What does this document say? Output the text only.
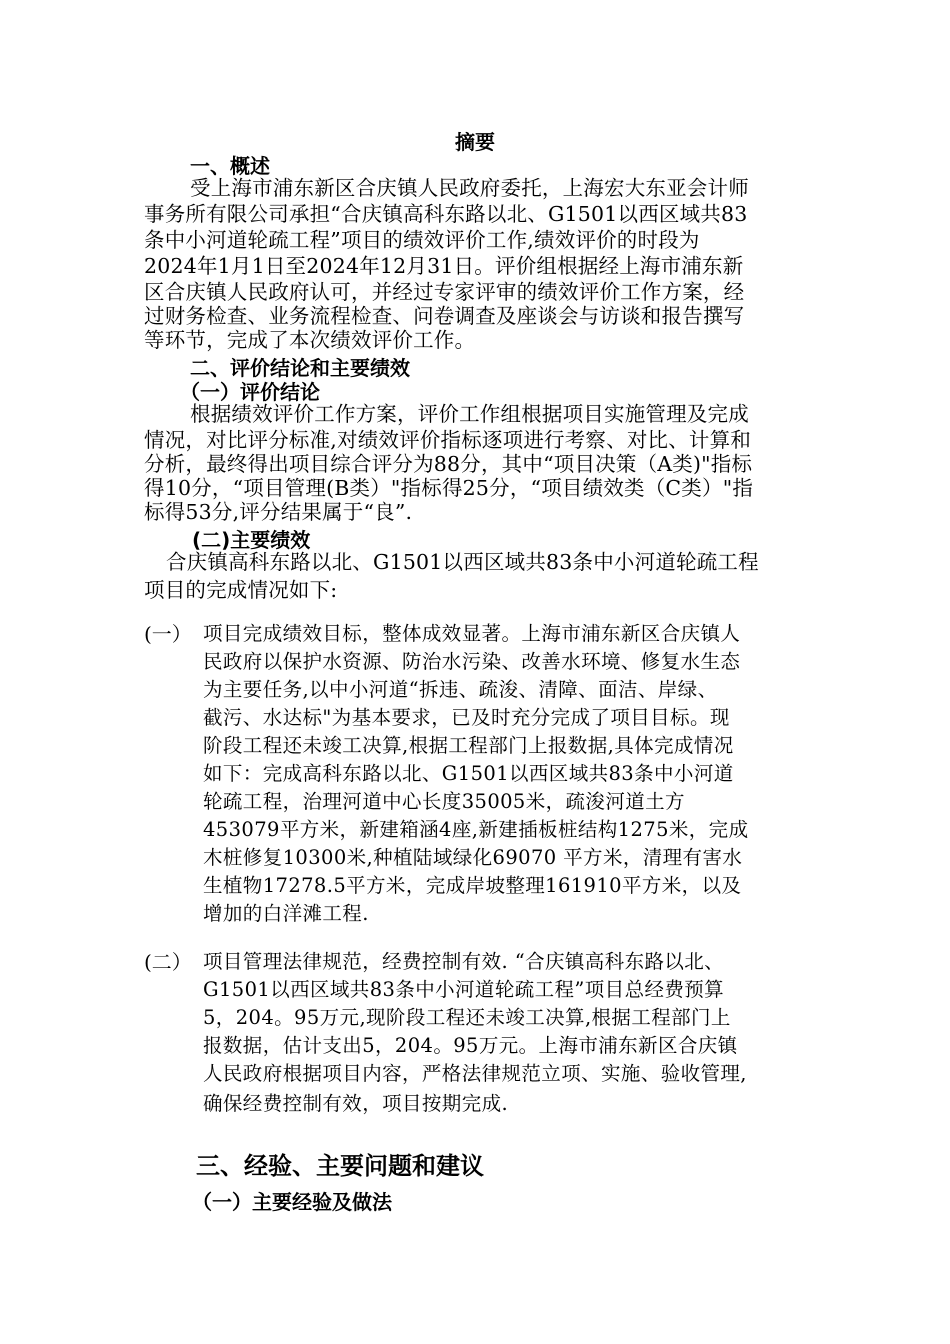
摘要
一、概述
受上海市浦东新区合庆镇人民政府委托，上海宏大东亚会计师
事务所有限公司承担“合庆镇高科东路以北、G1501以西区域共83
条中小河道轮疏工程”项目的绩效评价工作,绩效评价的时段为
2024年1月1日至2024年12月31日。评价组根据经上海市浦东新
区合庆镇人民政府认可，并经过专家评审的绩效评价工作方案，经
过财务检查、业务流程检查、问卷调查及座谈会与访谈和报告撰写
等环节，完成了本次绩效评价工作。
二、评价结论和主要绩效
（一）评价结论
根据绩效评价工作方案，评价工作组根据项目实施管理及完成
情况，对比评分标准,对绩效评价指标逐项进行考察、对比、计算和
分析，最终得出项目综合评分为88分，其中“项目决策（A类)"指标
得10分，“项目管理(B类）"指标得25分，“项目绩效类（C类）"指
标得53分,评分结果属于“良”.
(二)主要绩效
合庆镇高科东路以北、G1501以西区域共83条中小河道轮疏工程
项目的完成情况如下:
(一） 项目完成绩效目标，整体成效显著。上海市浦东新区合庆镇人
民政府以保护水资源、防治水污染、改善水环境、修复水生态
为主要任务,以中小河道“拆违、疏浚、清障、面洁、岸绿、
截污、水达标"为基本要求，已及时充分完成了项目目标。现
阶段工程还未竣工决算,根据工程部门上报数据,具体完成情况
如下：完成高科东路以北、G1501以西区域共83条中小河道
轮疏工程，治理河道中心长度35005米，疏浚河道土方
453079平方米，新建箱涵4座,新建插板桩结构1275米，完成
木桩修复10300米,种植陆域绿化69070 平方米，清理有害水
生植物17278.5平方米，完成岸坡整理161910平方米，以及
增加的白洋滩工程.
(二） 项目管理法律规范，经费控制有效. “合庆镇高科东路以北、
G1501以西区域共83条中小河道轮疏工程”项目总经费预算
5，204。95万元,现阶段工程还未竣工决算,根据工程部门上
报数据，估计支出5，204。95万元。上海市浦东新区合庆镇
人民政府根据项目内容，严格法律规范立项、实施、验收管理,
确保经费控制有效，项目按期完成.
三、经验、主要问题和建议
（一）主要经验及做法
